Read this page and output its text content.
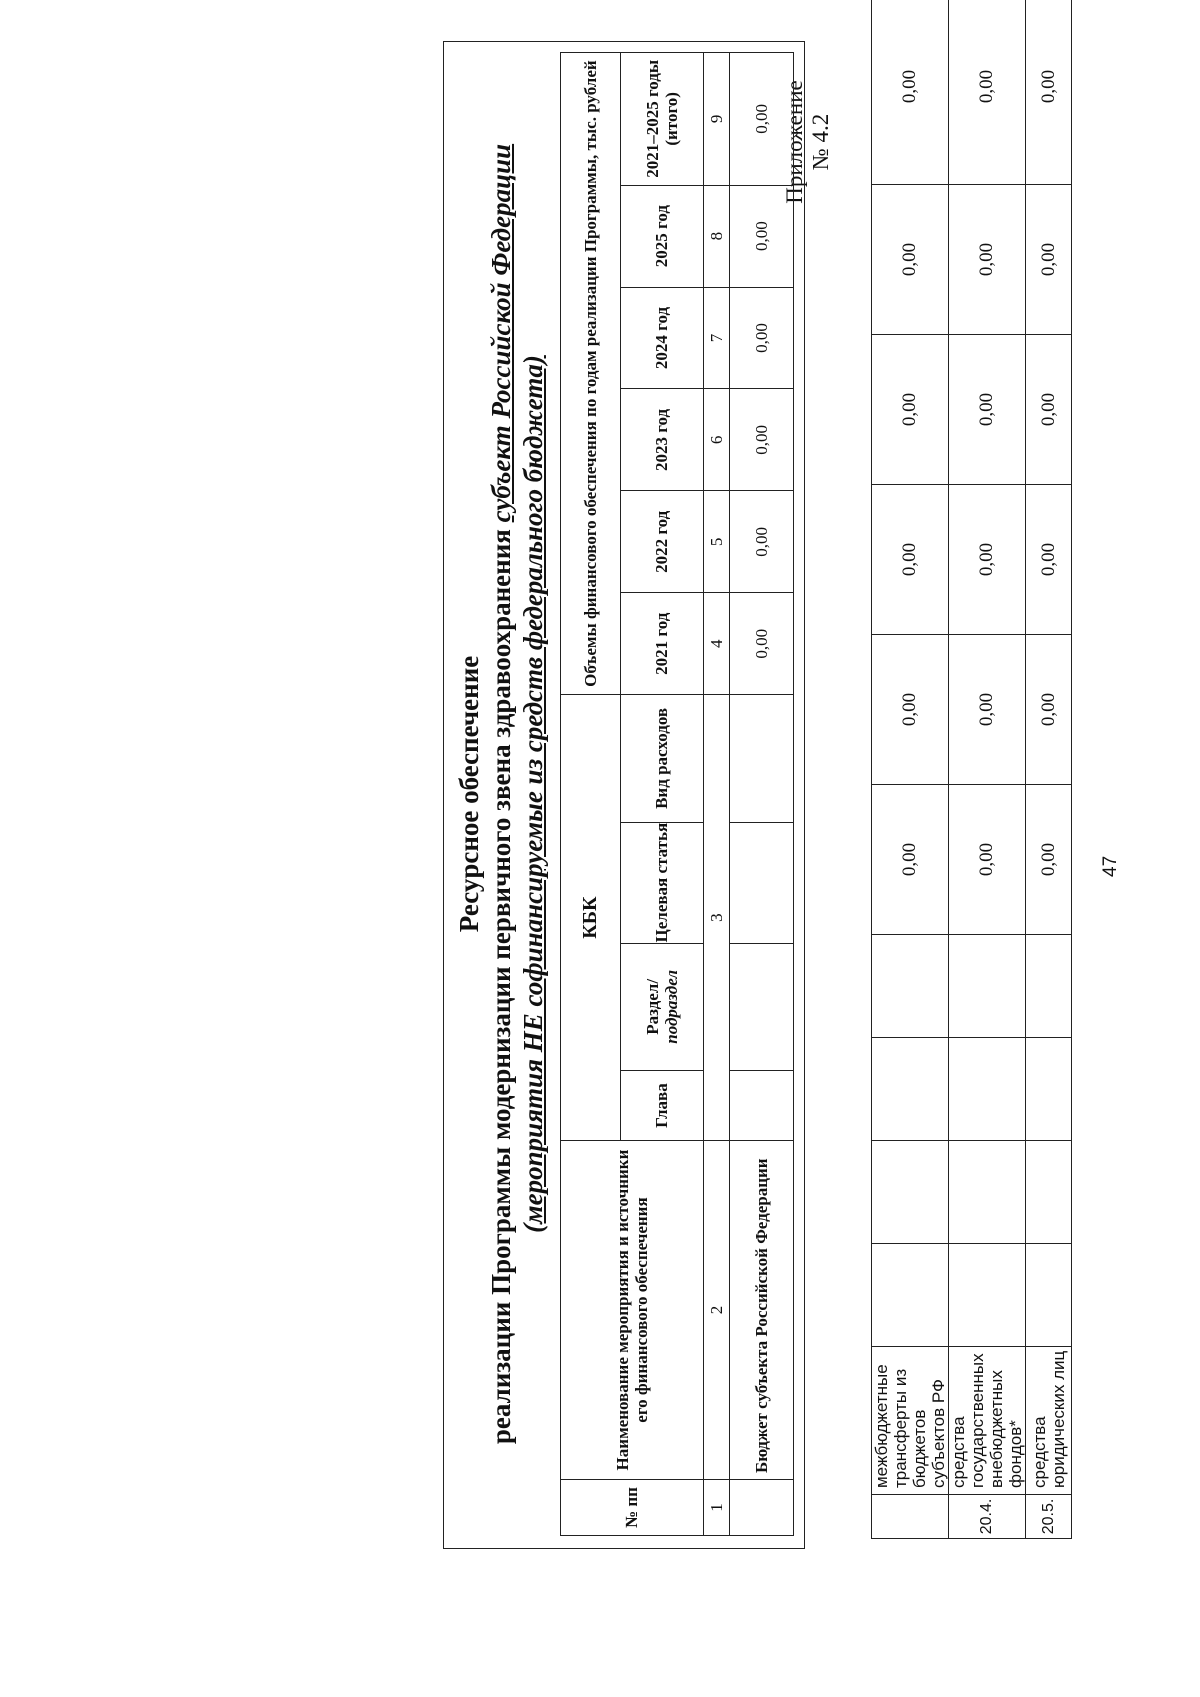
47
	межбюджетные трансферты из бюджетов субъектов РФ					0,00	0,00	0,00	0,00	0,00	0,00
20.4.	средства государственных внебюджетных фондов*					0,00	0,00	0,00	0,00	0,00	0,00
20.5.	средства юридических лиц					0,00	0,00	0,00	0,00	0,00	0,00
Приложение № 4.2
Ресурсное обеспечение реализации Программы модернизации первичного звена здравоохранения субъект Российской Федерации
(мероприятия НЕ софинансируемые из средств федерального бюджета)
№ пп	Наименование мероприятия и источники его финансового обеспечения	КБК				Объемы финансового обеспечения по годам реализации Программы, тыс. рублей					
		Глава	Раздел/ подраздел	Целевая статья	Вид расходов	2021 год	2022 год	2023 год	2024 год	2025 год	2021–2025 годы (итого)
1	2	3				4	5	6	7	8	9
	Бюджет субъекта Российской Федерации					0,00	0,00	0,00	0,00	0,00	0,00
